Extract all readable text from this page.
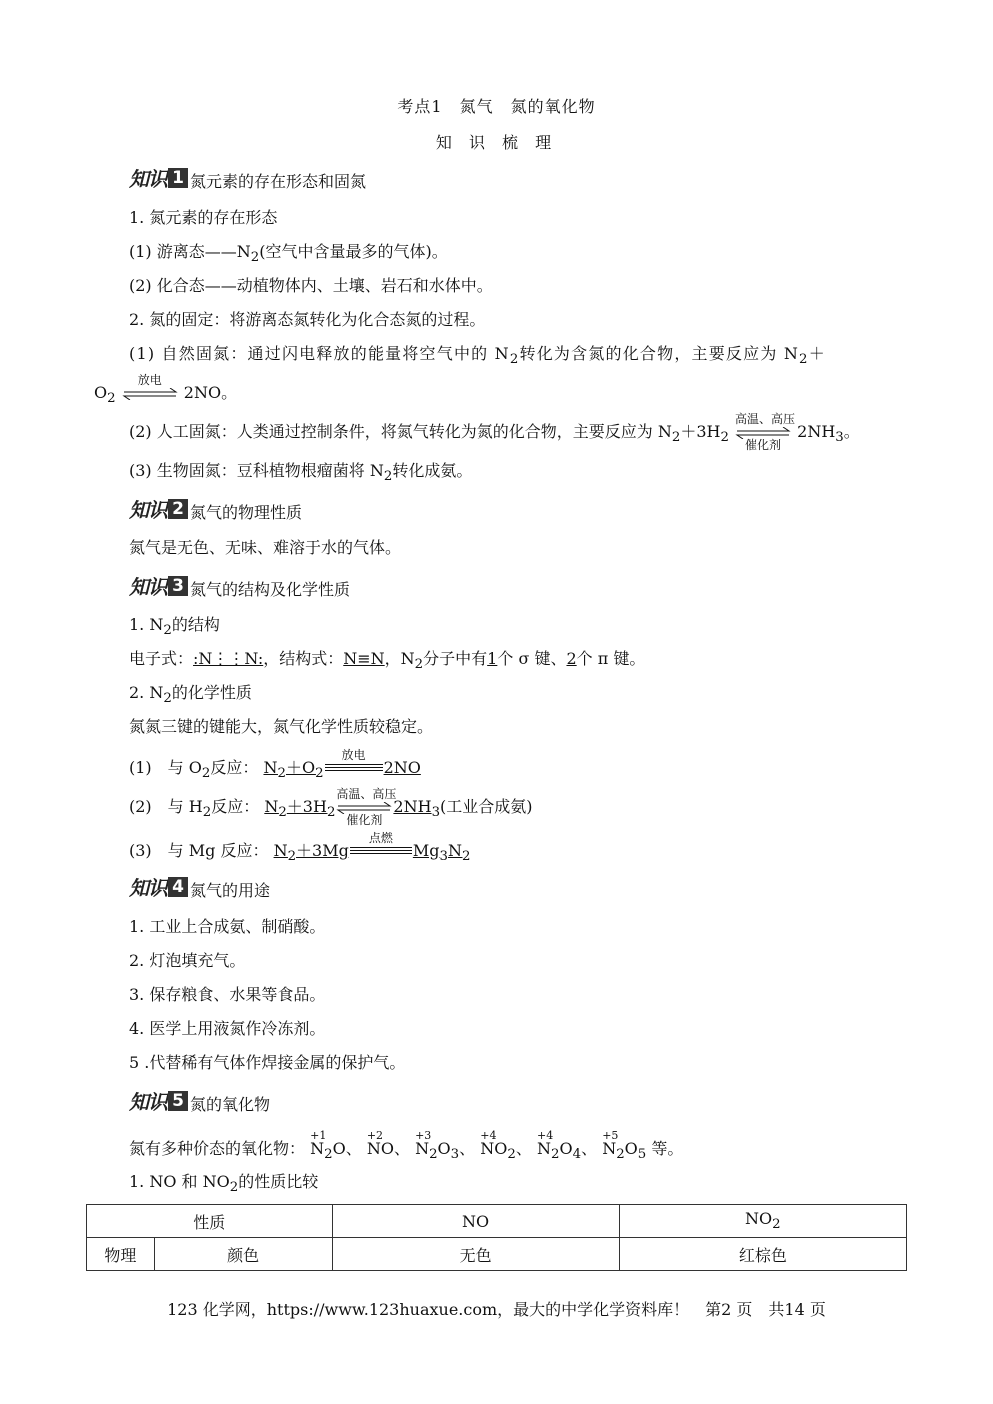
考点1　氮气　氮的氧化物
知 识 梳 理
知识 1 氮元素的存在形态和固氮
1. 氮元素的存在形态
(1) 游离态$——N_2$(空气中含量最多的气体)。
(2) 化合态——动植物体内、土壤、岩石和水体中。
2. 氮的固定：将游离态氮转化为化合态氮的过程。
(1) 自然固氮：通过闪电释放的能量将空气中的 $N_2$转化为含氮的化合物，主要反应为 $N_2+$
$O_2$
放电
2NO。
(2) 人工固氮：人类通过控制条件，将氮气转化为氮的化合物，主要反应为 $N_2+3H_2$
高温、高压
催化剂
$2NH_3$。
(3) 生物固氮：豆科植物根瘤菌将 $N_2$转化成氨。
知识 2 氮气的物理性质
氮气是无色、无味、难溶于水的气体。
知识 3 氮气的结构及化学性质
1. $N_2$的结构
电子式：:N⋮⋮N:，结构式：N≡N，$N_2$分子中有1个 σ 键、2个 π 键。
2. $N_2$的化学性质
氮氮三键的键能大，氮气化学性质较稳定。
(1)　与 $O_2$反应： $N_2+O_2$
放电
2NO
(2)　与 $H_2$反应： $N_2+3H_2$
高温、高压
催化剂
$2NH_3$(工业合成氨)
(3)　与 Mg 反应： $N_2+3Mg$
点燃
$Mg_3N_2$
知识 4 氮气的用途
1. 工业上合成氨、制硝酸。
2. 灯泡填充气。
3. 保存粮食、水果等食品。
4. 医学上用液氮作冷冻剂。
5 .代替稀有气体作焊接金属的保护气。
知识 5 氮的氧化物
氮有多种价态的氧化物：
+1
$N_2O$、
+2
NO、
+3
$N_2O_3$、
+4
$NO_2$、
+4
$N_2O_4$、
+5
$N_2O_5$ 等。
1. NO 和 $NO_2$的性质比较
性质		NO	$NO_2$
物理	颜色	无色	红棕色
123 化学网，https://www.123huaxue.com，最大的中学化学资料库！　第2 页　共14 页
